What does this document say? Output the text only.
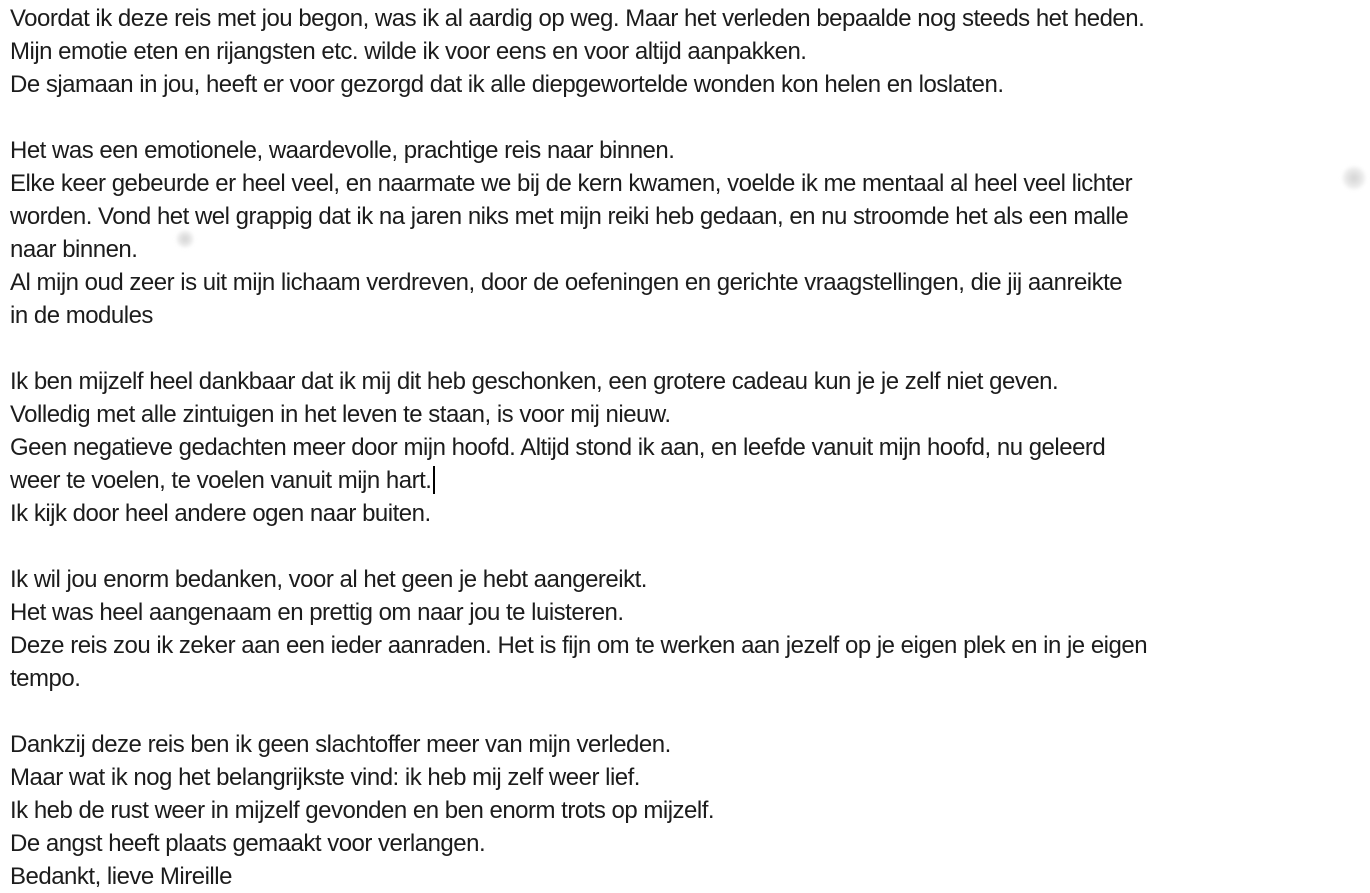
Voordat ik deze reis met jou begon, was ik al aardig op weg. Maar het verleden bepaalde nog steeds het heden.
Mijn emotie eten en rijangsten etc. wilde ik voor eens en voor altijd aanpakken.
De sjamaan in jou, heeft er voor gezorgd dat ik alle diepgewortelde wonden kon helen en loslaten.
Het was een emotionele, waardevolle, prachtige reis naar binnen.
Elke keer gebeurde er heel veel, en naarmate we bij de kern kwamen, voelde ik me mentaal al heel veel lichter
worden. Vond het wel grappig dat ik na jaren niks met mijn reiki heb gedaan, en nu stroomde het als een malle
naar binnen.
Al mijn oud zeer is uit mijn lichaam verdreven, door de oefeningen en gerichte vraagstellingen, die jij aanreikte
in de modules
Ik ben mijzelf heel dankbaar dat ik mij dit heb geschonken, een grotere cadeau kun je je zelf niet geven.
Volledig met alle zintuigen in het leven te staan, is voor mij nieuw.
Geen negatieve gedachten meer door mijn hoofd. Altijd stond ik aan, en leefde vanuit mijn hoofd, nu geleerd
weer te voelen, te voelen vanuit mijn hart.
Ik kijk door heel andere ogen naar buiten.
Ik wil jou enorm bedanken, voor al het geen je hebt aangereikt.
Het was heel aangenaam en prettig om naar jou te luisteren.
Deze reis zou ik zeker aan een ieder aanraden. Het is fijn om te werken aan jezelf op je eigen plek en in je eigen
tempo.
Dankzij deze reis ben ik geen slachtoffer meer van mijn verleden.
Maar wat ik nog het belangrijkste vind: ik heb mij zelf weer lief.
Ik heb de rust weer in mijzelf gevonden en ben enorm trots op mijzelf.
De angst heeft plaats gemaakt voor verlangen.
Bedankt, lieve Mireille
